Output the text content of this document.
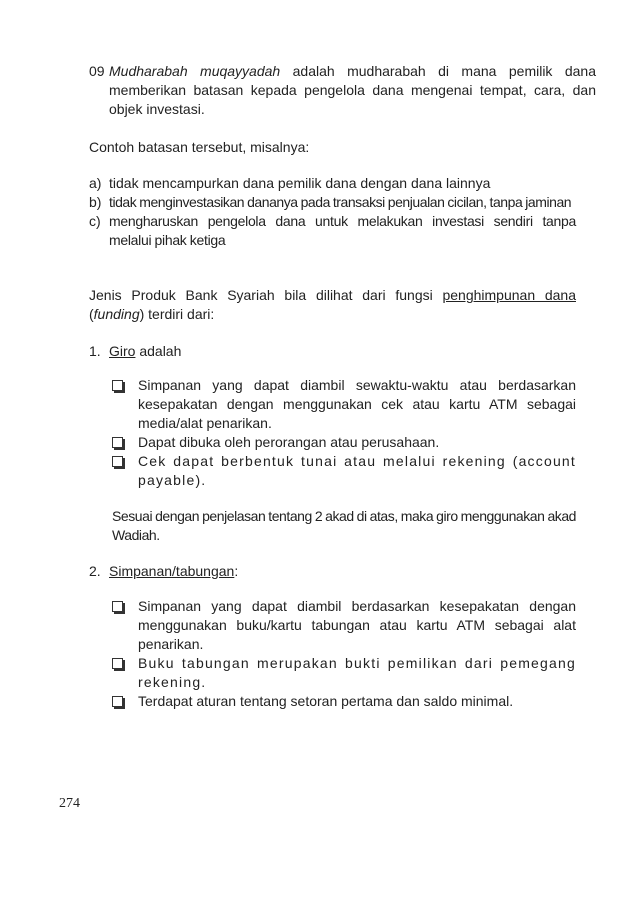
09 Mudharabah muqayyadah adalah mudharabah di mana pemilik dana memberikan batasan kepada pengelola dana mengenai tempat, cara, dan objek investasi.
Contoh batasan tersebut, misalnya:
a) tidak mencampurkan dana pemilik dana dengan dana lainnya
b) tidak menginvestasikan dananya pada transaksi penjualan cicilan, tanpa jaminan
c) mengharuskan pengelola dana untuk melakukan investasi sendiri tanpa melalui pihak ketiga
Jenis Produk Bank Syariah bila dilihat dari fungsi penghimpunan dana (funding) terdiri dari:
1. Giro adalah
Simpanan yang dapat diambil sewaktu-waktu atau berdasarkan kesepakatan dengan menggunakan cek atau kartu ATM sebagai media/alat penarikan.
Dapat dibuka oleh perorangan atau perusahaan.
Cek dapat berbentuk tunai atau melalui rekening (account payable).
Sesuai dengan penjelasan tentang 2 akad di atas, maka giro menggunakan akad Wadiah.
2. Simpanan/tabungan:
Simpanan yang dapat diambil berdasarkan kesepakatan dengan menggunakan buku/kartu tabungan atau kartu ATM sebagai alat penarikan.
Buku tabungan merupakan bukti pemilikan dari pemegang rekening.
Terdapat aturan tentang setoran pertama dan saldo minimal.
274
